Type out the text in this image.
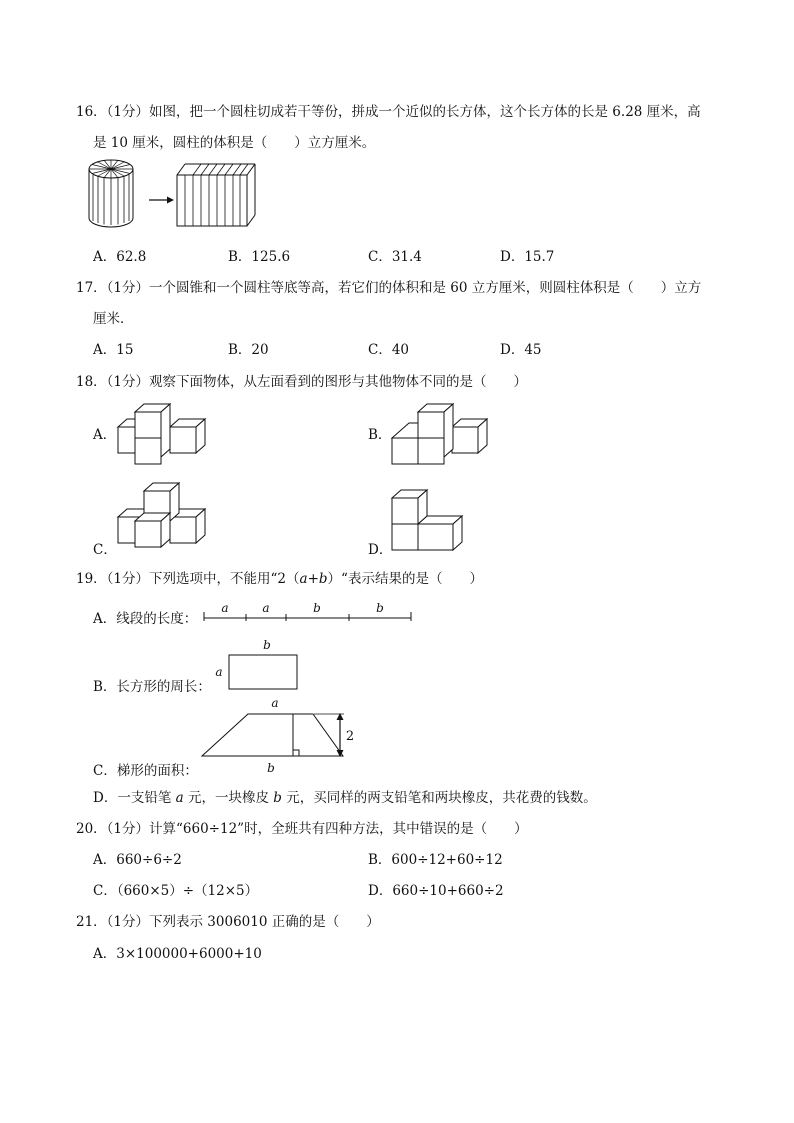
16．（1分）如图，把一个圆柱切成若干等份，拼成一个近似的长方体，这个长方体的长是 6.28 厘米，高
是 10 厘米，圆柱的体积是（　　）立方厘米。
A．62.8	B．125.6	C．31.4	D．15.7
17．（1分）一个圆锥和一个圆柱等底等高，若它们的体积和是 60 立方厘米，则圆柱体积是（　　）立方
厘米．
A．15	B．20	C．40	D．45
18．（1分）观察下面物体，从左面看到的图形与其他物体不同的是（　　）
A．	B．
C．	D．
19．（1分）下列选项中，不能用“2（a+b）“表示结果的是（　　）
A．线段的长度：
a	a	b	b
B．长方形的周长：
b
a
C．梯形的面积：
a
b
2
D．一支铅笔 a 元，一块橡皮 b 元，买同样的两支铅笔和两块橡皮，共花费的钱数。
20．（1分）计算“660÷12”时，全班共有四种方法，其中错误的是（　　）
A．660÷6÷2	B．600÷12+60÷12
C．（660×5）÷（12×5）	D．660÷10+660÷2
21．（1分）下列表示 3006010 正确的是（　　）
A．3×100000+6000+10
